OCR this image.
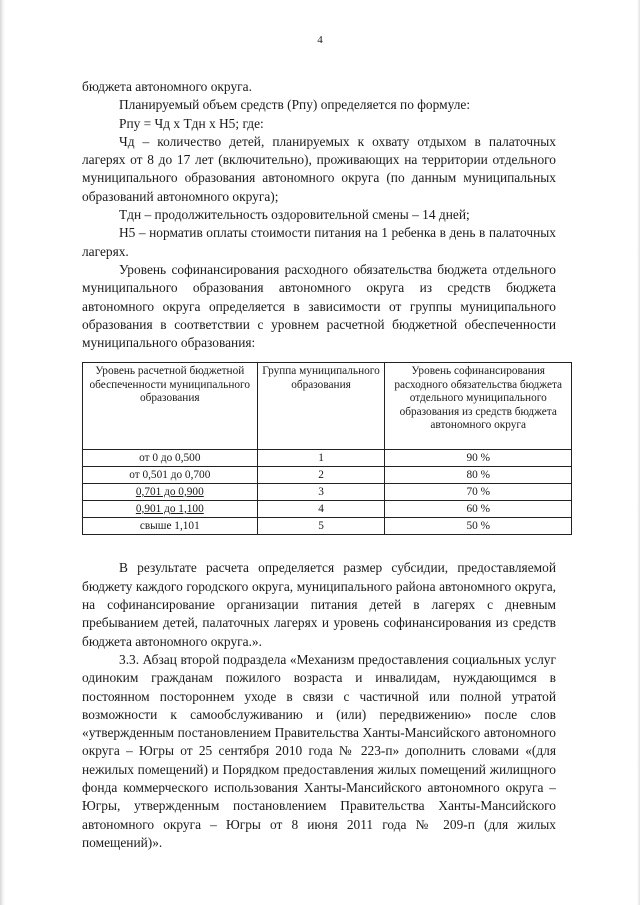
4

бюджета автономного округа.

Планируемый объем средств (Рпу) определяется по формуле:

Рпу = Чд х Тдн х Н5; где:

Чд – количество детей, планируемых к охвату отдыхом в палаточных лагерях от 8 до 17 лет (включительно), проживающих на территории отдельного муниципального образования автономного округа (по данным муниципальных образований автономного округа);

Тдн – продолжительность оздоровительной смены – 14 дней;

Н5 – норматив оплаты стоимости питания на 1 ребенка в день в палаточных лагерях.

Уровень софинансирования расходного обязательства бюджета отдельного муниципального образования автономного округа из средств бюджета автономного округа определяется в зависимости от группы муниципального образования в соответствии с уровнем расчетной бюджетной обеспеченности муниципального образования:

Уровень расчетной бюджетной обеспеченности муниципального образования	Группа муниципального образования	Уровень софинансирования расходного обязательства бюджета отдельного муниципального образования из средств бюджета автономного округа
от 0 до 0,500	1	90 %
от 0,501 до 0,700	2	80 %
0,701 до 0,900	3	70 %
0,901 до 1,100	4	60 %
свыше 1,101	5	50 %

В результате расчета определяется размер субсидии, предоставляемой бюджету каждого городского округа, муниципального района автономного округа, на софинансирование организации питания детей в лагерях с дневным пребыванием детей, палаточных лагерях и уровень софинансирования из средств бюджета автономного округа.».

3.3. Абзац второй подраздела «Механизм предоставления социальных услуг одиноким гражданам пожилого возраста и инвалидам, нуждающимся в постоянном постороннем уходе в связи с частичной или полной утратой возможности к самообслуживанию и (или) передвижению» после слов «утвержденным постановлением Правительства Ханты-Мансийского автономного округа – Югры от 25 сентября 2010 года № 223-п» дополнить словами «(для нежилых помещений) и Порядком предоставления жилых помещений жилищного фонда коммерческого использования Ханты-Мансийского автономного округа – Югры, утвержденным постановлением Правительства Ханты-Мансийского автономного округа – Югры от 8 июня 2011 года № 209-п (для жилых помещений)».
